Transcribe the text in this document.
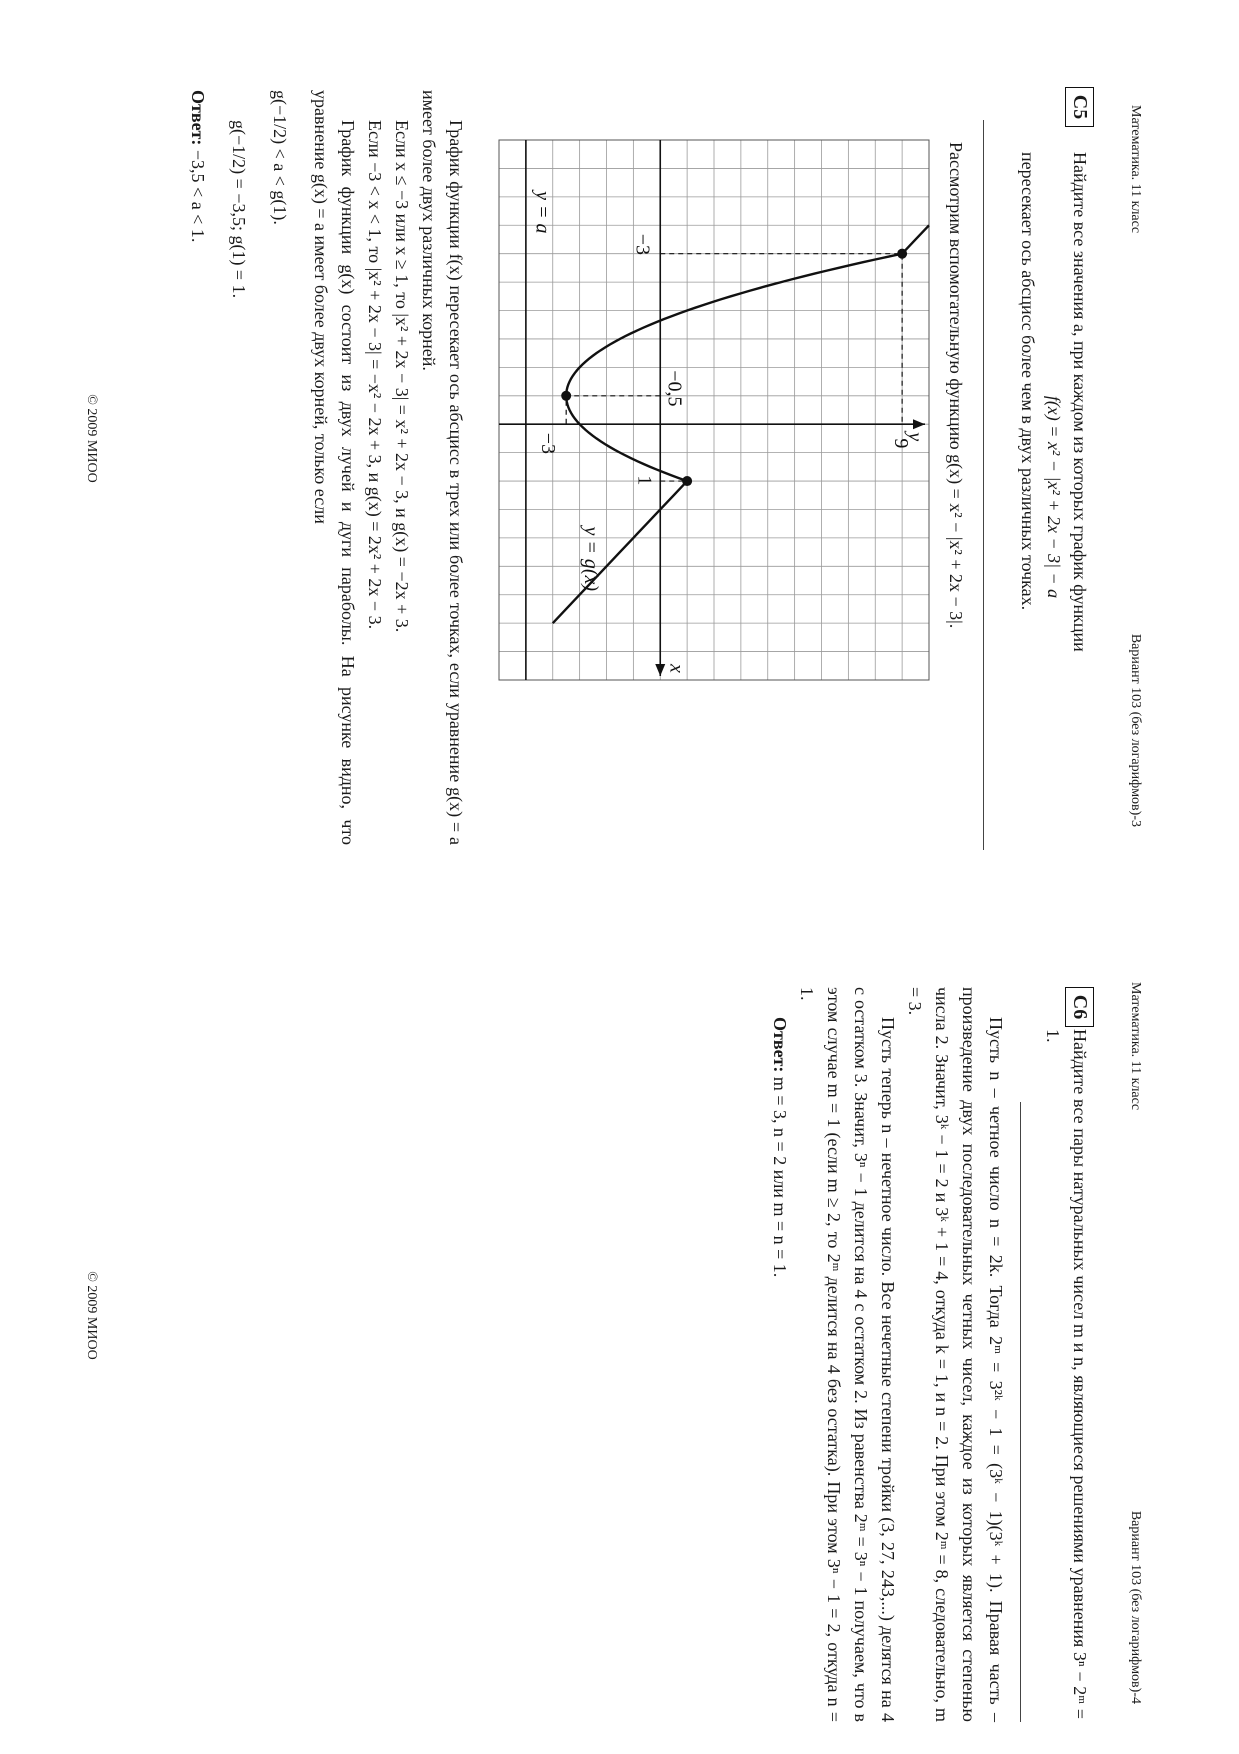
Математика. 11 класс
Вариант 103 (без логарифмов)-3
C5
Найдите все значения a, при каждом из которых график функции
f(x) = x² − |x² + 2x − 3| − a
пересекает ось абсцисс более чем в двух различных точках.
Рассмотрим вспомогательную функцию g(x) = x² − |x² + 2x − 3|.
9
−3
−0,5
1
−3
y = g(x)
y = a
x
y
График функции f(x) пересекает ось абсцисс в трех или более точках, если уравнение g(x) = a имеет более двух различных корней.
Если x ≤ −3 или x ≥ 1, то |x² + 2x − 3| = x² + 2x − 3, и g(x) = −2x + 3.
Если −3 < x < 1, то |x² + 2x − 3| = −x² − 2x + 3, и g(x) = 2x² + 2x − 3.
График функции g(x) состоит из двух лучей и дуги параболы. На рисунке видно, что уравнение g(x) = a имеет более двух корней, только если
g(−1/2) < a < g(1).
g(−1/2) = −3,5; g(1) = 1.
Ответ: −3,5 < a < 1.
© 2009 МИОО
Математика. 11 класс
Вариант 103 (без логарифмов)-4
C6
Найдите все пары натуральных чисел m и n, являющиеся решениями уравнения 3ⁿ − 2ᵐ = 1.
Пусть n – четное число n = 2k. Тогда 2ᵐ = 3²ᵏ − 1 = (3ᵏ − 1)(3ᵏ + 1). Правая часть – произведение двух последовательных четных чисел, каждое из которых является степенью числа 2. Значит, 3ᵏ − 1 = 2 и 3ᵏ + 1 = 4, откуда k = 1, и n = 2. При этом 2ᵐ = 8, следовательно, m = 3.
Пусть теперь n – нечетное число. Все нечетные степени тройки (3, 27, 243,...) делятся на 4 с остатком 3. Значит, 3ⁿ − 1 делится на 4 с остатком 2. Из равенства 2ᵐ = 3ⁿ − 1 получаем, что в этом случае m = 1 (если m ≥ 2, то 2ᵐ делится на 4 без остатка). При этом 3ⁿ − 1 = 2, откуда n = 1.
Ответ: m = 3, n = 2 или m = n = 1.
© 2009 МИОО
